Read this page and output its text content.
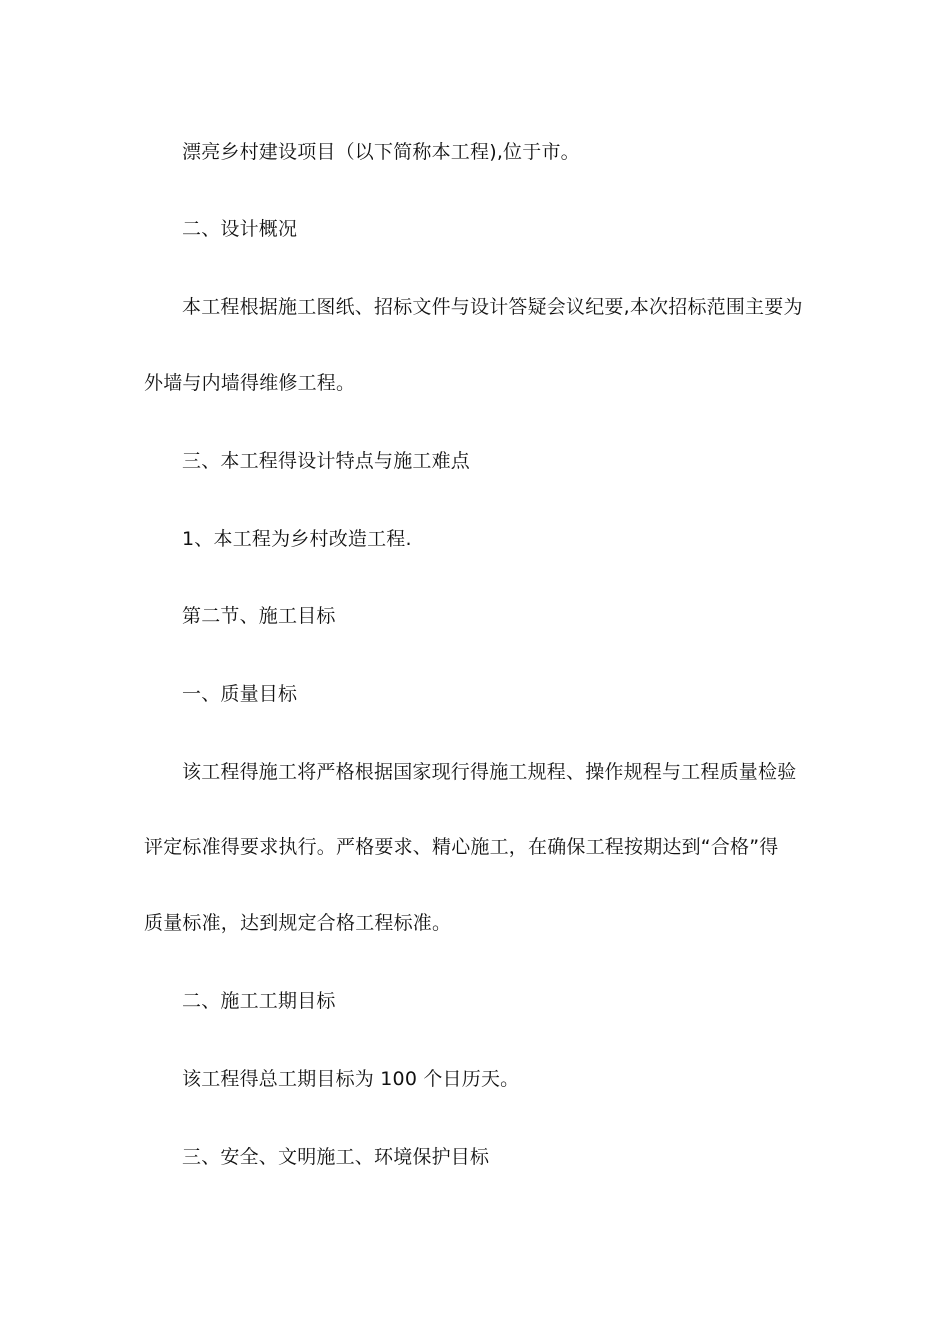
漂亮乡村建设项目（以下简称本工程),位于市。
二、设计概况
本工程根据施工图纸、招标文件与设计答疑会议纪要,本次招标范围主要为
外墙与内墙得维修工程。
三、本工程得设计特点与施工难点
1、本工程为乡村改造工程.
第二节、施工目标
一、质量目标
该工程得施工将严格根据国家现行得施工规程、操作规程与工程质量检验
评定标准得要求执行。严格要求、精心施工，在确保工程按期达到“合格”得
质量标准，达到规定合格工程标准。
二、施工工期目标
该工程得总工期目标为 100 个日历天。
三、安全、文明施工、环境保护目标
